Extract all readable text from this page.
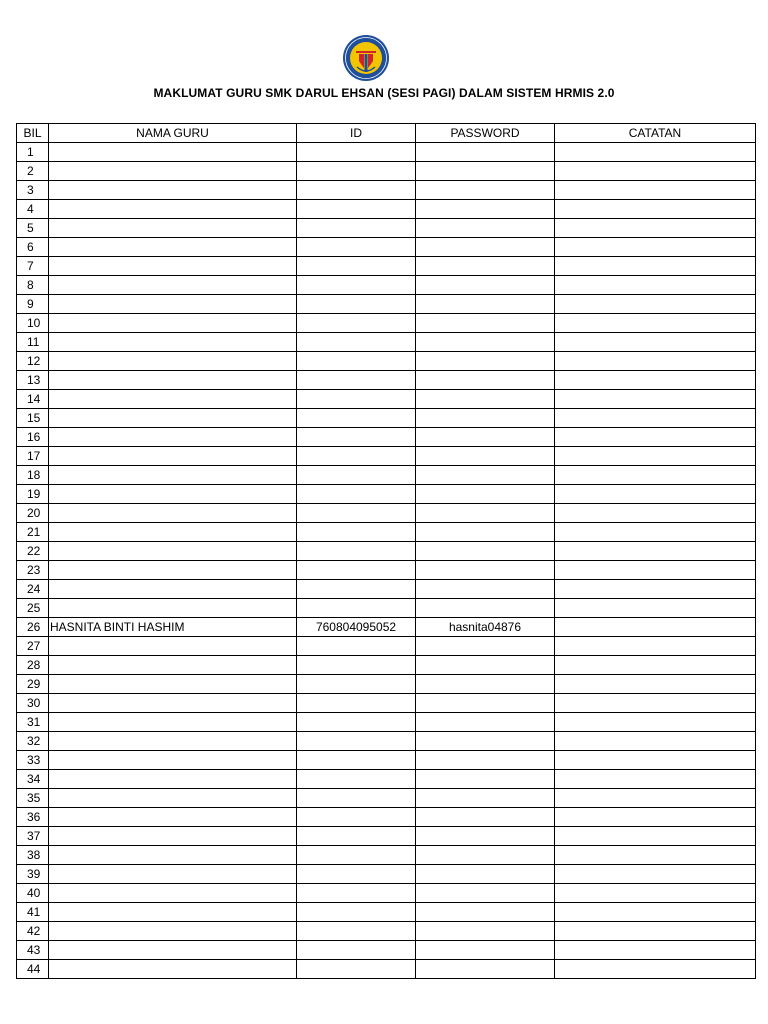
MAKLUMAT GURU SMK DARUL EHSAN (SESI PAGI) DALAM SISTEM HRMIS 2.0
BIL	NAMA GURU	ID	PASSWORD	CATATAN
1				
2				
3				
4				
5				
6				
7				
8				
9				
10				
11				
12				
13				
14				
15				
16				
17				
18				
19				
20				
21				
22				
23				
24				
25				
26	HASNITA BINTI HASHIM	760804095052	hasnita04876	
27				
28				
29				
30				
31				
32				
33				
34				
35				
36				
37				
38				
39				
40				
41				
42				
43				
44				
